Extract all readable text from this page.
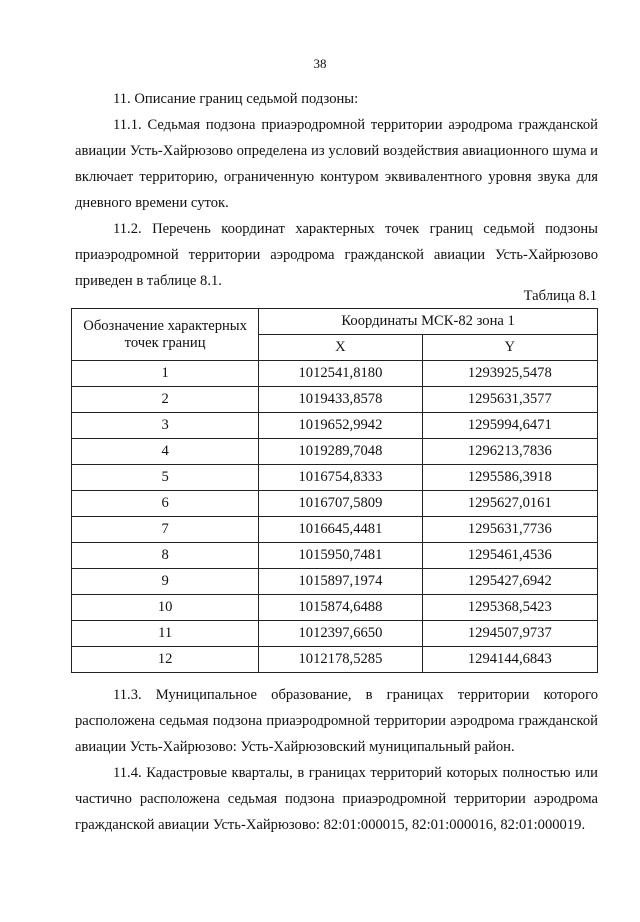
38
11. Описание границ седьмой подзоны:
11.1. Седьмая подзона приаэродромной территории аэродрома гражданской авиации Усть-Хайрюзово определена из условий воздействия авиационного шума и включает территорию, ограниченную контуром эквивалентного уровня звука для дневного времени суток.
11.2. Перечень координат характерных точек границ седьмой подзоны приаэродромной территории аэродрома гражданской авиации Усть-Хайрюзово приведен в таблице 8.1.
Таблица 8.1
Обозначение характерных точек границ	Координаты МСК-82 зона 1	
	X	Y
1	1012541,8180	1293925,5478
2	1019433,8578	1295631,3577
3	1019652,9942	1295994,6471
4	1019289,7048	1296213,7836
5	1016754,8333	1295586,3918
6	1016707,5809	1295627,0161
7	1016645,4481	1295631,7736
8	1015950,7481	1295461,4536
9	1015897,1974	1295427,6942
10	1015874,6488	1295368,5423
11	1012397,6650	1294507,9737
12	1012178,5285	1294144,6843
11.3. Муниципальное образование, в границах территории которого расположена седьмая подзона приаэродромной территории аэродрома гражданской авиации Усть-Хайрюзово: Усть-Хайрюзовский муниципальный район.
11.4. Кадастровые кварталы, в границах территорий которых полностью или частично расположена седьмая подзона приаэродромной территории аэродрома гражданской авиации Усть-Хайрюзово: 82:01:000015, 82:01:000016, 82:01:000019.
